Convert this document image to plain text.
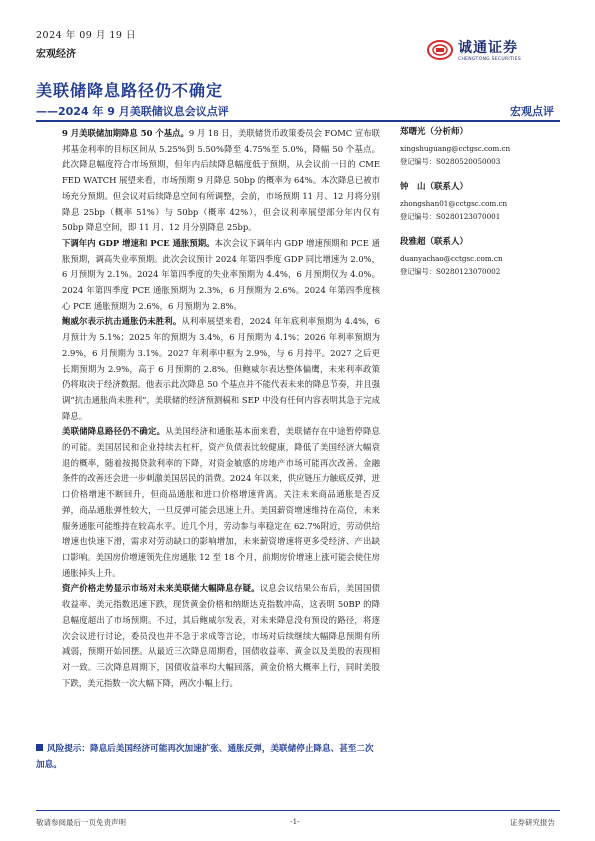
2024 年 09 月 19 日
宏观经济	诚通证券
CHENGTONG SECURITIES
美联储降息路径仍不确定
——2024 年 9 月美联储议息会议点评	宏观点评

9 月美联储加期降息 50 个基点。9 月 18 日，美联储货币政策委员会 FOMC 宣布联邦基金利率的目标区间从 5.25%到 5.50%降至 4.75%至 5.0%，降幅 50 个基点。此次降息幅度符合市场预期，但年内后续降息幅度低于预期，从会议前一日的 CME FED WATCH 展望来看，市场预期 9 月降息 50bp 的概率为 64%。本次降息已被市场充分预期。但会议对后续降息空间有所调整，会前，市场预期 11 月、12 月将分别降息 25bp（概率 51%）与 50bp（概率 42%），但会议利率展望部分年内仅有 50bp 降息空间，即 11 月、12 月分别降息 25bp。

下调年内 GDP 增速和 PCE 通胀预期。本次会议下调年内 GDP 增速预期和 PCE 通胀预期，调高失业率预期。此次会议预计 2024 年第四季度 GDP 同比增速为 2.0%，6 月预期为 2.1%。2024 年第四季度的失业率预期为 4.4%，6 月预期仅为 4.0%。2024 年第四季度 PCE 通胀预期为 2.3%，6 月预期为 2.6%。2024 年第四季度核心 PCE 通胀预期为 2.6%，6 月预期为 2.8%。

鲍威尔表示抗击通胀仍未胜利。从利率展望来看，2024 年年底利率预期为 4.4%，6 月预计为 5.1%；2025 年的预期为 3.4%，6 月预期为 4.1%；2026 年利率预期为 2.9%，6 月预期为 3.1%。2027 年利率中枢为 2.9%，与 6 月持平。2027 之后更长期预期为 2.9%，高于 6 月预期的 2.8%。但鲍威尔表达整体偏鹰，未来利率政策仍将取决于经济数据。他表示此次降息 50 个基点并不能代表未来的降息节奏，并且强调“抗击通胀尚未胜利”，美联储的经济预测稿和 SEP 中没有任何内容表明其急于完成降息。

美联储降息路径仍不确定。从美国经济和通胀基本面来看，美联储存在中途暂停降息的可能。美国居民和企业持续去杠杆，资产负债表比较健康，降低了美国经济大幅衰退的概率，随着按揭贷款利率的下降，对资金敏感的房地产市场可能再次改善。金融条件的改善还会进一步刺激美国居民的消费。2024 年以来，供应链压力触底反弹，进口价格增速不断回升，但商品通胀和进口价格增速背离。关注未来商品通胀是否反弹，商品通胀弹性较大，一旦反弹可能会迅速上升。美国薪资增速维持在高位，未来服务通胀可能维持在较高水平。近几个月，劳动参与率稳定在 62.7%附近，劳动供给增速也快速下滑，需求对劳动缺口的影响增加，未来薪资增速将更多受经济、产出缺口影响。美国房价增速领先住房通胀 12 至 18 个月，前期房价增速上涨可能会使住房通胀掉头上升。

资产价格走势显示市场对未来美联储大幅降息存疑。议息会议结果公布后，美国国债收益率、美元指数迅速下跌，现货黄金价格和纳斯达克指数冲高，这表明 50BP 的降息幅度超出了市场预期。不过，其后鲍威尔发表，对未来降息没有预设的路径，将逐次会议进行讨论，委员没也并不急于求成等言论，市场对后续继续大幅降息预期有所减弱，预期开始回摆。从最近三次降息周期看，国债收益率、黄金以及美股的表现相对一致。三次降息周期下，国债收益率均大幅回落，黄金价格大概率上行，同时美股下跌，美元指数一次大幅下降，两次小幅上行。

风险提示：降息后美国经济可能再次加速扩张、通胀反弹，美联储停止降息、甚至二次加息。
郑曙光（分析师）
xingshuguang@cctgsc.com.cn
登记编号：S0280520050003
钟　山（联系人）
zhongshan01@cctgsc.com.cn
登记编号：S0280123070001
段雅超（联系人）
duanyachao@cctgsc.com.cn
登记编号：S0280123070002
敬请参阅最后一页免责声明	-1-	证券研究报告
